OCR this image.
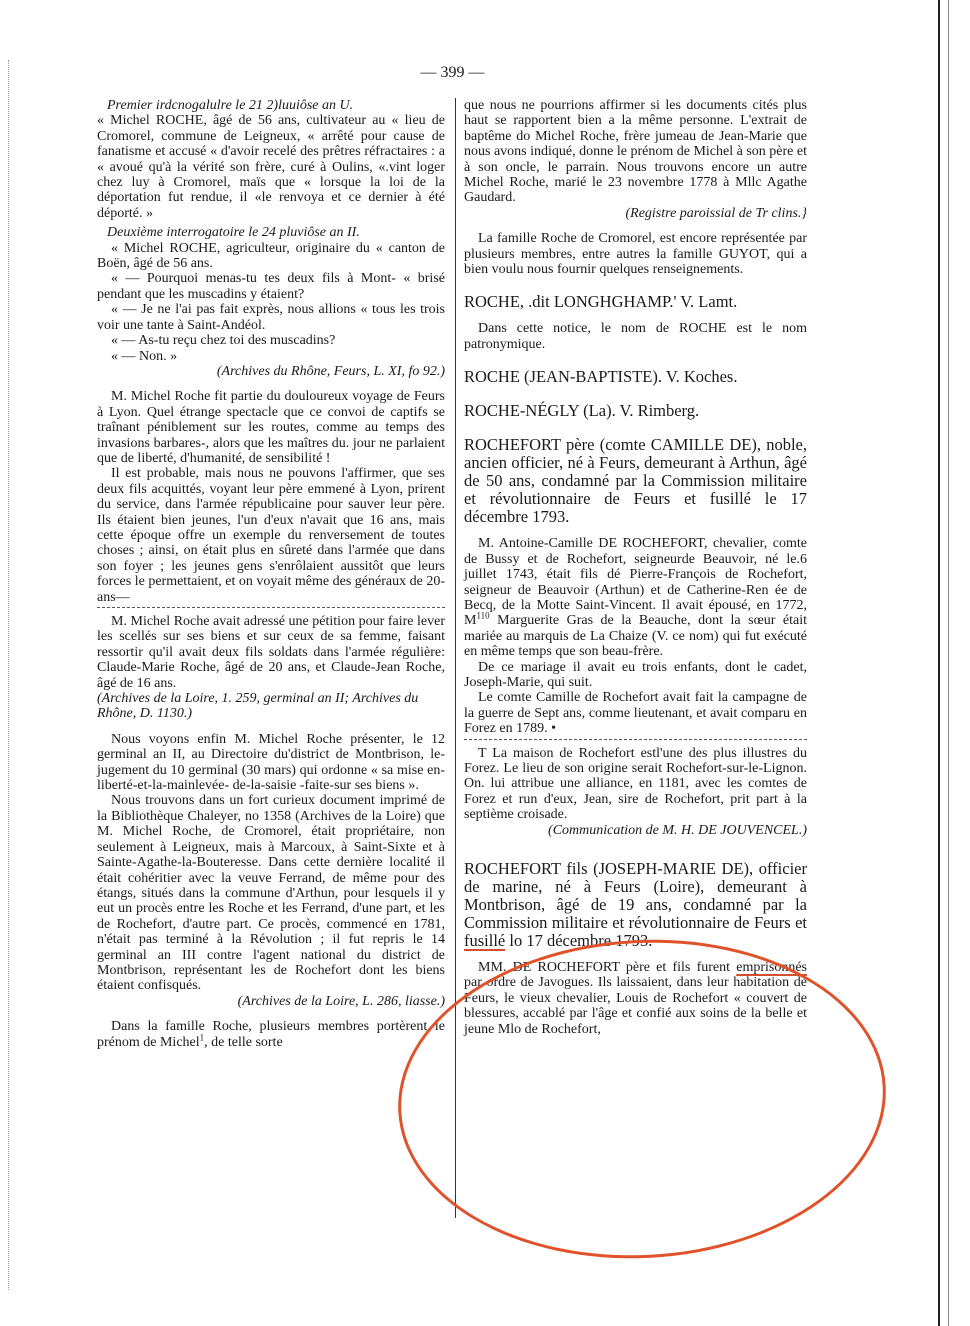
— 399 —

Premier irdcnogalulre le 21 2)luuiôse an U.

« Michel ROCHE, âgé de 56 ans, cultivateur au « lieu de Cromorel, commune de Leigneux, « arrêté pour cause de fanatisme et accusé « d'avoir recelé des prêtres réfractaires : a « avoué qu'à la vérité son frère, curé à Oulins, «.vint loger chez luy à Cromorel, maïs que « lorsque la loi de la déportation fut rendue, il «le renvoya et ce dernier à été déporté. »

Deuxième interrogatoire le 24 pluviôse an II.

« Michel ROCHE, agriculteur, originaire du « canton de Boën, âgé de 56 ans.

« — Pourquoi menas-tu tes deux fils à Mont- « brisé pendant que les muscadins y étaient?

« — Je ne l'ai pas fait exprès, nous allions « tous les trois voir une tante à Saint-Andéol.

« — As-tu reçu chez toi des muscadins?

« — Non. »

(Archives du Rhône, Feurs, L. XI, fo 92.)

M. Michel Roche fit partie du douloureux voyage de Feurs à Lyon. Quel étrange spectacle que ce convoi de captifs se traînant péniblement sur les routes, comme au temps des invasions barbares-, alors que les maîtres du. jour ne parlaient que de liberté, d'humanité, de sensibilité !

Il est probable, mais nous ne pouvons l'affirmer, que ses deux fils acquittés, voyant leur père emmené à Lyon, prirent du service, dans l'armée républicaine pour sauver leur père. Ils étaient bien jeunes, l'un d'eux n'avait que 16 ans, mais cette époque offre un exemple du renversement de toutes choses ; ainsi, on était plus en sûreté dans l'armée que dans son foyer ; les jeunes gens s'enrôlaient aussitôt que leurs forces le permettaient, et on voyait même des généraux de 20-ans—

M. Michel Roche avait adressé une pétition pour faire lever les scellés sur ses biens et sur ceux de sa femme, faisant ressortir qu'il avait deux fils soldats dans l'armée régulière: Claude-Marie Roche, âgé de 20 ans, et Claude-Jean Roche, âgé de 16 ans.

(Archives de la Loire, 1. 259, germinal an II; Archives du Rhône, D. 1130.)

Nous voyons enfin M. Michel Roche présenter, le 12 germinal an II, au Directoire du'district de Montbrison, le-jugement du 10 germinal (30 mars) qui ordonne « sa mise en-liberté-et-la-mainlevée- de-la-saisie -faite-sur ses biens ».

Nous trouvons dans un fort curieux document imprimé de la Bibliothèque Chaleyer, no 1358 (Archives de la Loire) que M. Michel Roche, de Cromorel, était propriétaire, non seulement à Leigneux, mais à Marcoux, à Saint-Sixte et à Sainte-Agathe-la-Bouteresse. Dans cette dernière localité il était cohéritier avec la veuve Ferrand, de même pour des étangs, situés dans la commune d'Arthun, pour lesquels il y eut un procès entre les Roche et les Ferrand, d'une part, et les de Rochefort, d'autre part. Ce procès, commencé en 1781, n'était pas terminé à la Révolution ; il fut repris le 14 germinal an III contre l'agent national du district de Montbrison, représentant les de Rochefort dont les biens étaient confisqués.

(Archives de la Loire, L. 286, liasse.)

Dans la famille Roche, plusieurs membres portèrent le prénom de Michel$^1$, de telle sorte

que nous ne pourrions affirmer si les documents cités plus haut se rapportent bien a la même personne. L'extrait de baptême do Michel Roche, frère jumeau de Jean-Marie que nous avons indiqué, donne le prénom de Michel à son père et à son oncle, le parrain. Nous trouvons encore un autre Michel Roche, marié le 23 novembre 1778 à Mllc Agathe Gaudard.

(Registre paroissial de Tr clins.}

La famille Roche de Cromorel, est encore représentée par plusieurs membres, entre autres la famille GUYOT, qui a bien voulu nous fournir quelques renseignements.

ROCHE, .dit LONGHGHAMP.' V. Lamt.

Dans cette notice, le nom de ROCHE est le nom patronymique.

ROCHE (JEAN-BAPTISTE). V. Koches.

ROCHE-NÉGLY (La). V. Rimberg.

ROCHEFORT père (comte CAMILLE DE), noble, ancien officier, né à Feurs, demeurant à Arthun, âgé de 50 ans, condamné par la Commission militaire et révolutionnaire de Feurs et fusillé le 17 décembre 1793.

M. Antoine-Camille DE ROCHEFORT, chevalier, comte de Bussy et de Rochefort, seigneurde Beauvoir, né le.6 juillet 1743, était fils dé Pierre-François de Rochefort, seigneur de Beauvoir (Arthun) et de Catherine-Ren ée de Becq, de la Motte Saint-Vincent. Il avait épousé, en 1772, M$^{110}$ Marguerite Gras de la Beauche, dont la sœur était mariée au marquis de La Chaize (V. ce nom) qui fut exécuté en même temps que son beau-frère.

De ce mariage il avait eu trois enfants, dont le cadet, Joseph-Marie, qui suit.

Le comte Camille de Rochefort avait fait la campagne de la guerre de Sept ans, comme lieutenant, et avait comparu en Forez en 1789. •

T La maison de Rochefort estl'une des plus illustres du Forez. Le lieu de son origine serait Rochefort-sur-le-Lignon. On. lui attribue une alliance, en 1181, avec les comtes de Forez et run d'eux, Jean, sire de Rochefort, prit part à la septième croisade.

(Communication de M. H. DE JOUVENCEL.)

ROCHEFORT fils (JOSEPH-MARIE DE), officier de marine, né à Feurs (Loire), demeurant à Montbrison, âgé de 19 ans, condamné par la Commission militaire et révolutionnaire de Feurs et fusillé lo 17 décembre 1793.

MM. DE ROCHEFORT père et fils furent emprisonnés par ordre de Javogues. Ils laissaient, dans leur habitation de Feurs, le vieux chevalier, Louis de Rochefort « couvert de blessures, accablé par l'âge et confié aux soins de la belle et jeune Mlo de Rochefort,
